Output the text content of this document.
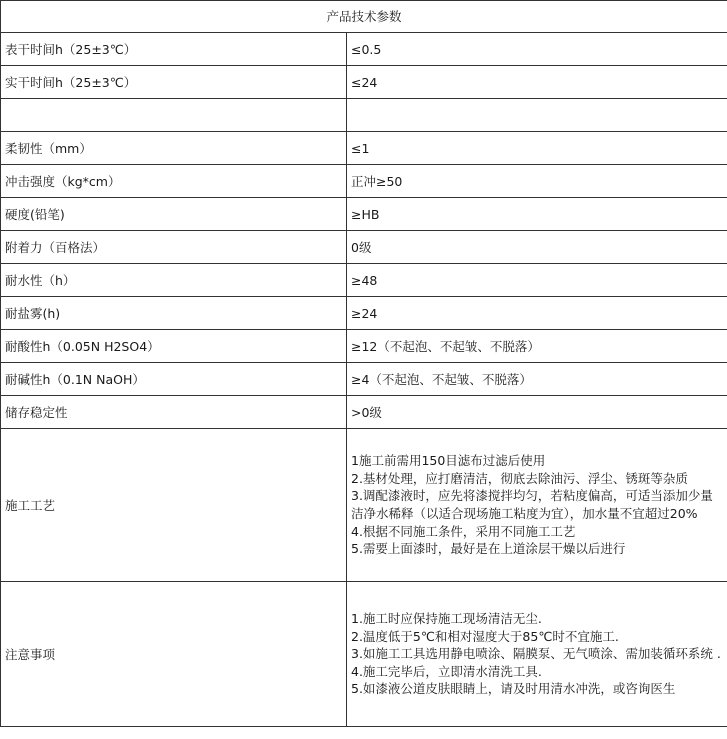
产品技术参数	
表干时间h（25±3℃）	≤0.5
实干时间h（25±3℃）	≤24

柔韧性（mm）	≤1
冲击强度（kg*cm）	正冲≥50
硬度(铅笔)	≥HB
附着力（百格法）	0级
耐水性（h）	≥48
耐盐雾(h)	≥24
耐酸性h（0.05N H2SO4）	≥12（不起泡、不起皱、不脱落）
耐碱性h（0.1N NaOH）	≥4（不起泡、不起皱、不脱落）
储存稳定性	>0级
施工工艺	1施工前需用150目滤布过滤后使用
2.基材处理，应打磨清洁，彻底去除油污、浮尘、锈斑等杂质
3.调配漆液时，应先将漆搅拌均匀，若粘度偏高，可适当添加少量洁净水稀释（以适合现场施工粘度为宜），加水量不宜超过20%
4.根据不同施工条件，采用不同施工工艺
5.需要上面漆时，最好是在上道涂层干燥以后进行

注意事项	1.施工时应保持施工现场清洁无尘.
2.温度低于5℃和相对湿度大于85℃时不宜施工.
3.如施工工具选用静电喷涂、隔膜泵、无气喷涂、需加装循环系统 .
4.施工完毕后，立即清水清洗工具.
5.如漆液公道皮肤眼睛上，请及时用清水冲洗，或咨询医生
